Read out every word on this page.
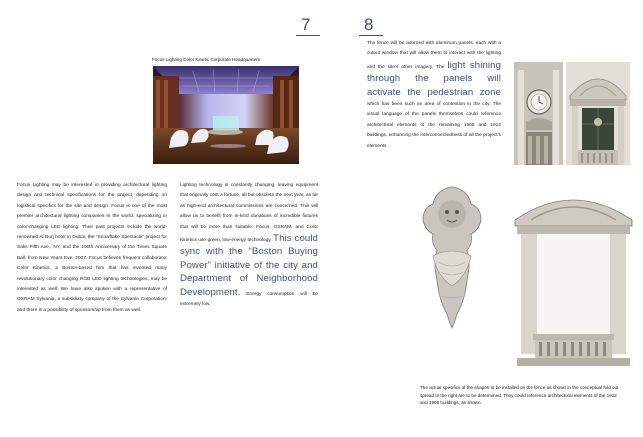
7
Focus Lighting Color Kinetic Corporate Headquarters
Focus Lighting may be interested in providing architectural lighting design and technical specifications for the project, depending on logistical specifics for the site and design. Focus is one of the most premier architectural lighting companies in the world, specializing in color-changing LED lighting. Their past projects include the world-renowned Al Burj hotel in Dubai, the “Snowflake Spectacle” project for Saks Fifth Ave., NY, and the 100th Anniversary of the Times Square Ball, from New Years Eve, 2007. Focus believes frequent collaborator Color Kinetics, a Boston-based firm that has invented many revolutionary color changing RGB LED lighting technologies, may be interested as well. We have also spoken with a representative of OSRAM Sylvania, a subsidiary company of the Sylvania Corporation, and there is a possibility of sponsorship from them as well.
Lighting technology is constantly changing, leaving equipment that originally cost a fortune, all but obsolete the next year, as far as high-end architectural commissions are concerned. This will allow us to benefit from in-kind donations of incredible fixtures that will be more than suitable. Focus, OSRAM, and Color Kinetics use green, low-energy technology. This could sync with the “Boston Buying Power” initiative of the city and Department of Neighborhood Development. Energy consumption will be extremely low.
8
The fence will be adorned with aluminum panels, each with a cutout window that will allow them to interact with the lighting and the site’s other imagery. The light shining through the panels will activate the pedestrian zone which has been such an area of contention in the city. The visual language of the panels themselves could reference architectural elements of the remaining 1905 and 1912 buildings, enhancing the interconnectedness of all the project’s elements.
The actual specifics of the shapes to be installed on the fence as shown in the conceptual fold out spread to the right are to be determined. They could reference architectural elements of the 1912 and 1905 buildings, as shown.
